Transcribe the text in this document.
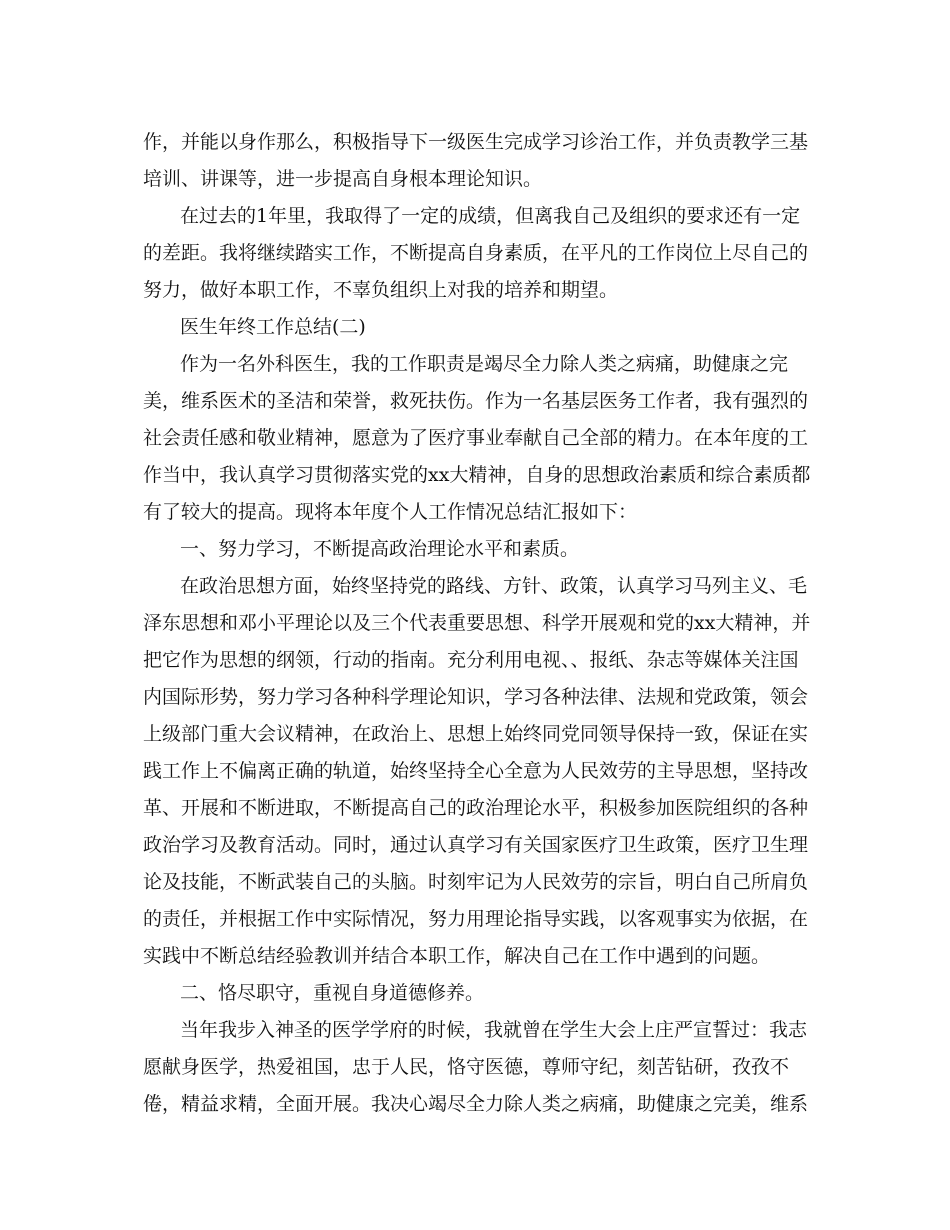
作，并能以身作那么，积极指导下一级医生完成学习诊治工作，并负责教学三基
培训、讲课等，进一步提高自身根本理论知识。
在过去的1年里，我取得了一定的成绩，但离我自己及组织的要求还有一定
的差距。我将继续踏实工作，不断提高自身素质，在平凡的工作岗位上尽自己的
努力，做好本职工作，不辜负组织上对我的培养和期望。
医生年终工作总结(二)
作为一名外科医生，我的工作职责是竭尽全力除人类之病痛，助健康之完
美，维系医术的圣洁和荣誉，救死扶伤。作为一名基层医务工作者，我有强烈的
社会责任感和敬业精神，愿意为了医疗事业奉献自己全部的精力。在本年度的工
作当中，我认真学习贯彻落实党的xx大精神，自身的思想政治素质和综合素质都
有了较大的提高。现将本年度个人工作情况总结汇报如下：
一、努力学习，不断提高政治理论水平和素质。
在政治思想方面，始终坚持党的路线、方针、政策，认真学习马列主义、毛
泽东思想和邓小平理论以及三个代表重要思想、科学开展观和党的xx大精神，并
把它作为思想的纲领，行动的指南。充分利用电视、、报纸、杂志等媒体关注国
内国际形势，努力学习各种科学理论知识，学习各种法律、法规和党政策，领会
上级部门重大会议精神，在政治上、思想上始终同党同领导保持一致，保证在实
践工作上不偏离正确的轨道，始终坚持全心全意为人民效劳的主导思想，坚持改
革、开展和不断进取，不断提高自己的政治理论水平，积极参加医院组织的各种
政治学习及教育活动。同时，通过认真学习有关国家医疗卫生政策，医疗卫生理
论及技能，不断武装自己的头脑。时刻牢记为人民效劳的宗旨，明白自己所肩负
的责任，并根据工作中实际情况，努力用理论指导实践，以客观事实为依据，在
实践中不断总结经验教训并结合本职工作，解决自己在工作中遇到的问题。
二、恪尽职守，重视自身道德修养。
当年我步入神圣的医学学府的时候，我就曾在学生大会上庄严宣誓过：我志
愿献身医学，热爱祖国，忠于人民，恪守医德，尊师守纪，刻苦钻研，孜孜不
倦，精益求精，全面开展。我决心竭尽全力除人类之病痛，助健康之完美，维系
